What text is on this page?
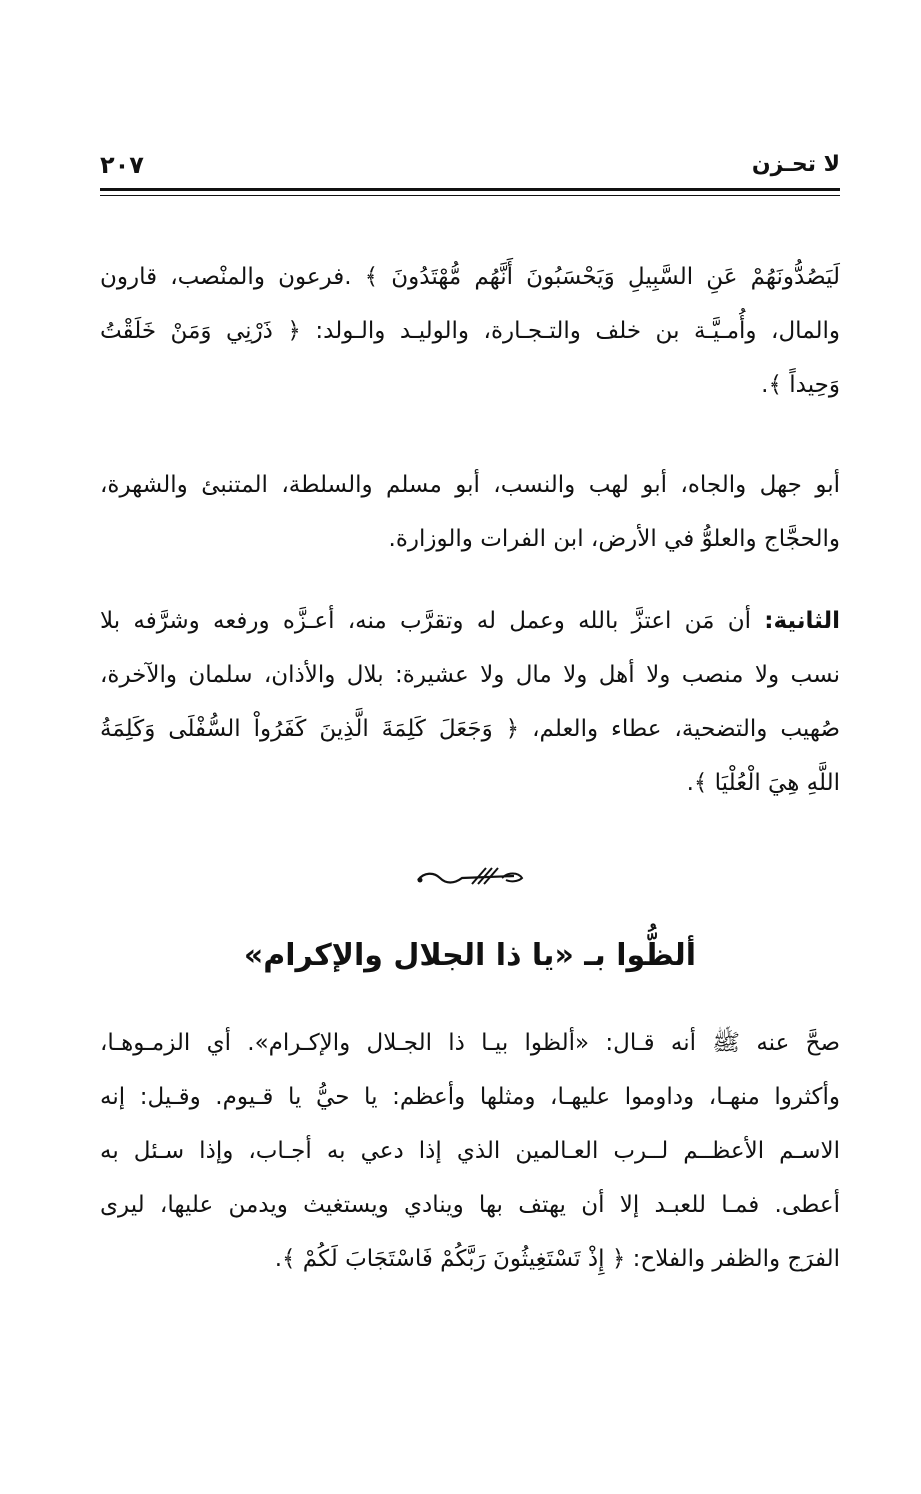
٢٠٧	لا تحـزن
لَيَصُدُّونَهُمْ عَنِ السَّبِيلِ وَيَحْسَبُونَ أَنَّهُم مُّهْتَدُونَ ﴾ .فرعون والمنْصب، قارون
والمال، وأُمـيَّـة بن خلف والتـجـارة، والوليـد والـولد: ﴿ ذَرْنِي وَمَنْ خَلَقْتُ
وَحِيداً ﴾.
أبو جهل والجاه، أبو لهب والنسب، أبو مسلم والسلطة، المتنبئ والشهرة،
والحجَّاج والعلوُّ في الأرض، ابن الفرات والوزارة.
الثانية: أن مَن اعتزَّ بالله وعمل له وتقرَّب منه، أعـزَّه ورفعه وشرَّفه بلا
نسب ولا منصب ولا أهل ولا مال ولا عشيرة: بلال والأذان، سلمان والآخرة،
صُهيب والتضحية، عطاء والعلم، ﴿ وَجَعَلَ كَلِمَةَ الَّذِينَ كَفَرُواْ السُّفْلَى وَكَلِمَةُ
اللَّهِ هِيَ الْعُلْيَا ﴾.
ألظُّوا بـ «يا ذا الجلال والإكرام»
صحَّ عنه ﷺ أنه قـال: «ألظوا بيـا ذا الجـلال والإكـرام». أي الزمـوهـا،
وأكثروا منهـا، وداوموا عليهـا، ومثلها وأعظم: يا حيُّ يا قـيوم. وقـيل: إنه
الاسـم الأعظــم لــرب العـالمين الذي إذا دعي به أجـاب، وإذا سـئل به
أعطى. فمـا للعبـد إلا أن يهتف بها وينادي ويستغيث ويدمن عليها، ليرى
الفرَج والظفر والفلاح: ﴿ إِذْ تَسْتَغِيثُونَ رَبَّكُمْ فَاسْتَجَابَ لَكُمْ ﴾.
